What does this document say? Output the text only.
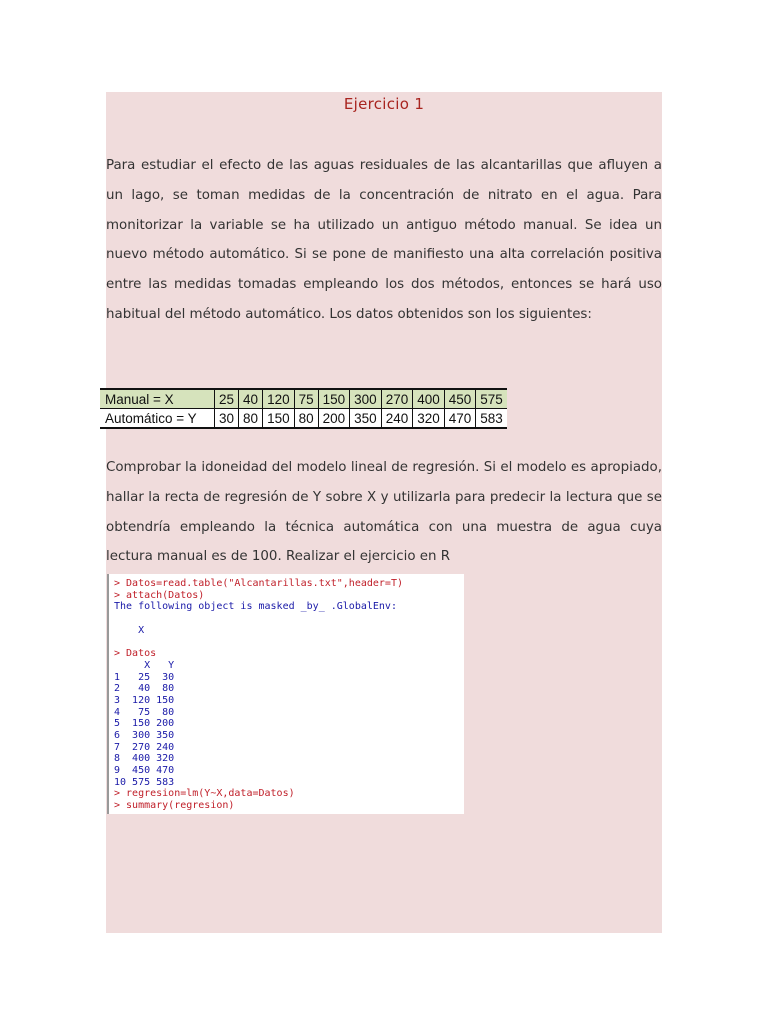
Ejercicio 1
Para estudiar el efecto de las aguas residuales de las alcantarillas que afluyen a un lago, se toman medidas de la concentración de nitrato en el agua. Para monitorizar la variable se ha utilizado un antiguo método manual. Se idea un nuevo método automático. Si se pone de manifiesto una alta correlación positiva entre las medidas tomadas empleando los dos métodos, entonces se hará uso habitual del método automático. Los datos obtenidos son los siguientes:
Comprobar la idoneidad del modelo lineal de regresión. Si el modelo es apropiado, hallar la recta de regresión de Y sobre X y utilizarla para predecir la lectura que se obtendría empleando la técnica automática con una muestra de agua cuya lectura manual es de 100. Realizar el ejercicio en R
Manual = X	25	40	120	75	150	300	270	400	450	575
Automático = Y	30	80	150	80	200	350	240	320	470	583
> Datos=read.table("Alcantarillas.txt",header=T)
> attach(Datos)
The following object is masked _by_ .GlobalEnv:
X
> Datos
X   Y
1   25  30
2   40  80
3  120 150
4   75  80
5  150 200
6  300 350
7  270 240
8  400 320
9  450 470
10 575 583
> regresion=lm(Y~X,data=Datos)
> summary(regresion)
